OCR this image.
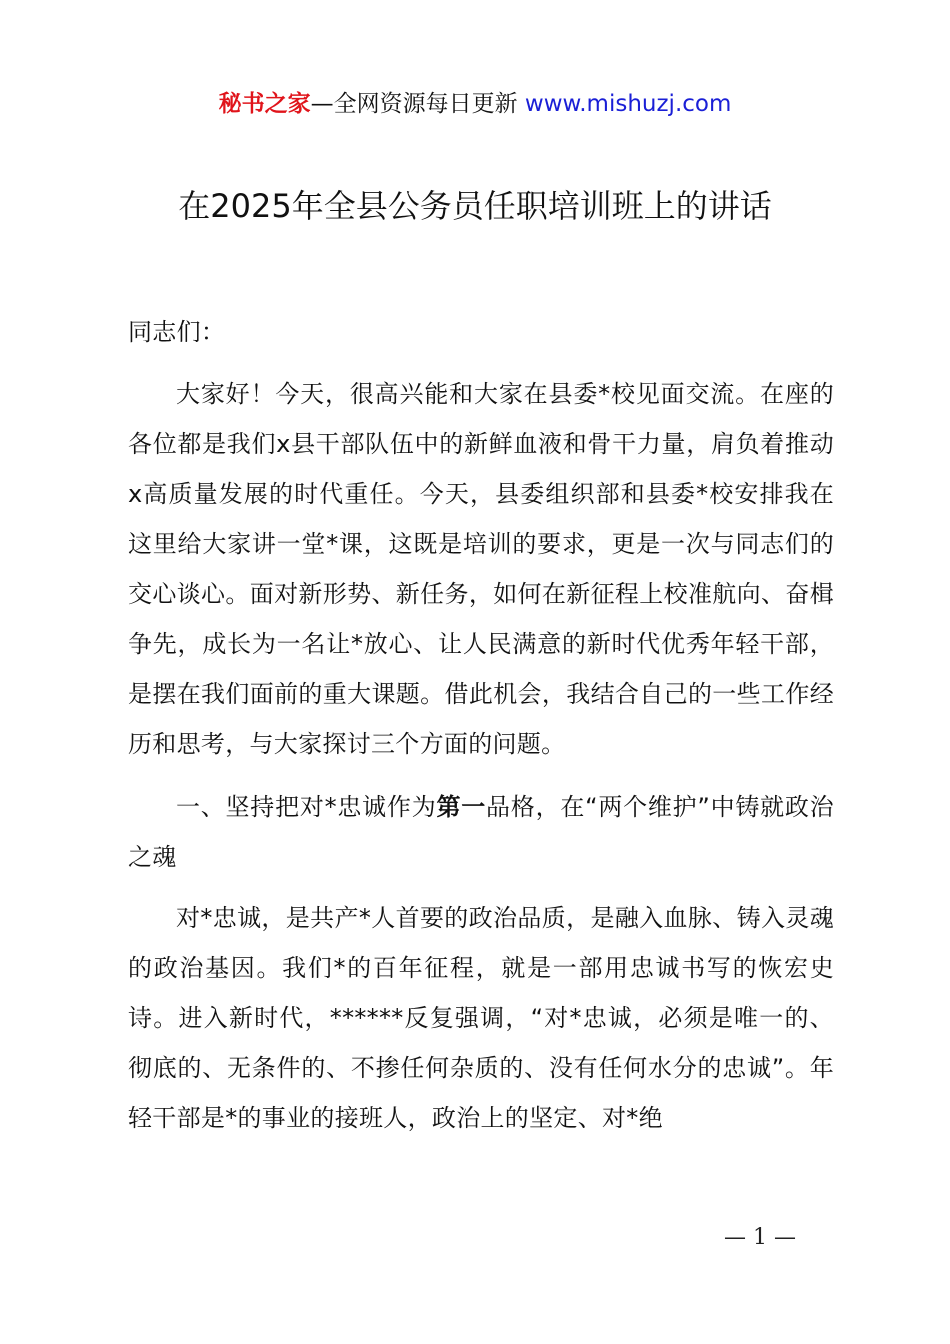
秘书之家—全网资源每日更新 www.mishuzj.com
在2025年全县公务员任职培训班上的讲话
同志们：
大家好！今天，很高兴能和大家在县委*校见面交流。在座的各位都是我们x县干部队伍中的新鲜血液和骨干力量，肩负着推动x高质量发展的时代重任。今天，县委组织部和县委*校安排我在这里给大家讲一堂*课，这既是培训的要求，更是一次与同志们的交心谈心。面对新形势、新任务，如何在新征程上校准航向、奋楫争先，成长为一名让*放心、让人民满意的新时代优秀年轻干部，是摆在我们面前的重大课题。借此机会，我结合自己的一些工作经历和思考，与大家探讨三个方面的问题。
一、坚持把对*忠诚作为第一品格，在“两个维护”中铸就政治之魂
对*忠诚，是共产*人首要的政治品质，是融入血脉、铸入灵魂的政治基因。我们*的百年征程，就是一部用忠诚书写的恢宏史诗。进入新时代，******反复强调，“对*忠诚，必须是唯一的、彻底的、无条件的、不掺任何杂质的、没有任何水分的忠诚”。年轻干部是*的事业的接班人，政治上的坚定、对*绝
— 1 —
